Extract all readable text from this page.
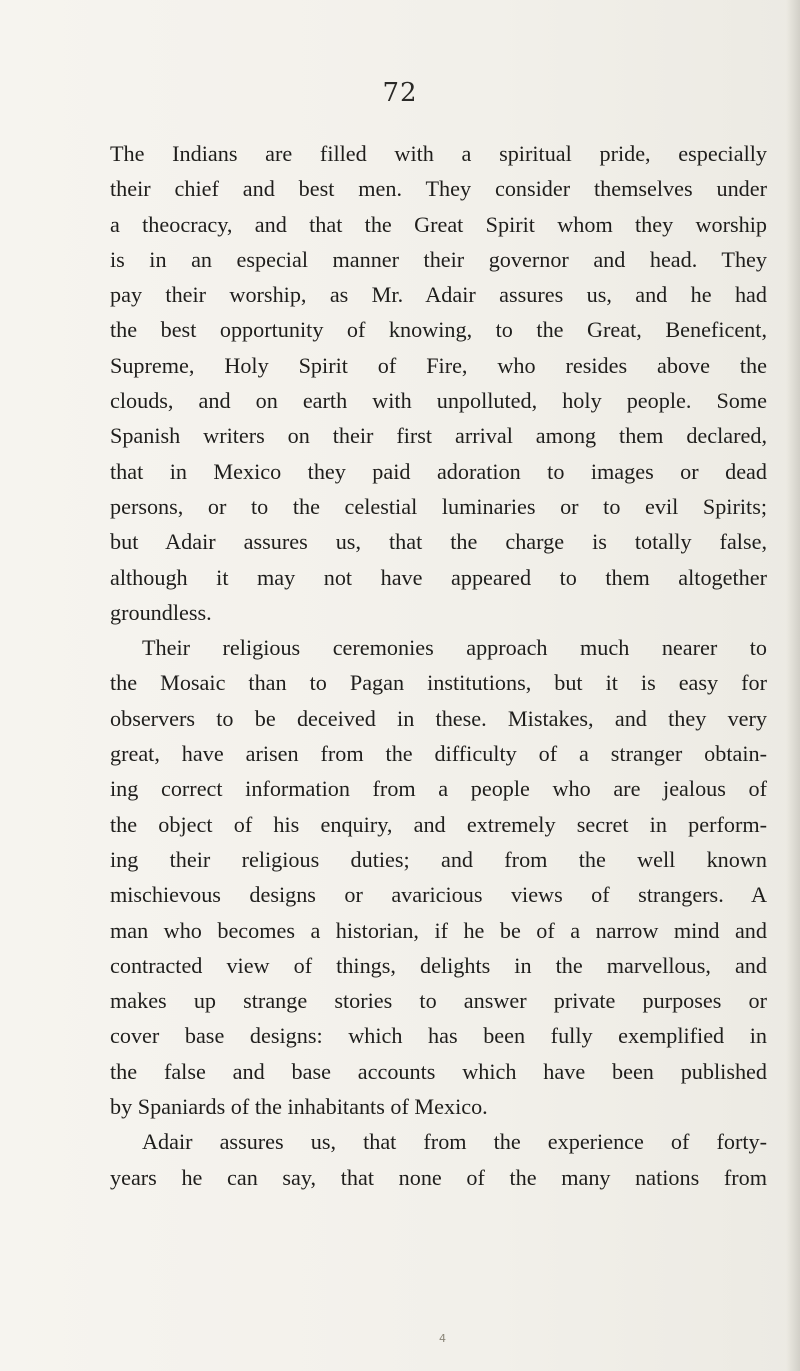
72
The Indians are filled with a spiritual pride, especially
their chief and best men. They consider themselves under
a theocracy, and that the Great Spirit whom they worship
is in an especial manner their governor and head. They
pay their worship, as Mr. Adair assures us, and he had
the best opportunity of knowing, to the Great, Beneficent,
Supreme, Holy Spirit of Fire, who resides above the
clouds, and on earth with unpolluted, holy people. Some
Spanish writers on their first arrival among them declared,
that in Mexico they paid adoration to images or dead
persons, or to the celestial luminaries or to evil Spirits;
but Adair assures us, that the charge is totally false,
although it may not have appeared to them altogether
groundless.
Their religious ceremonies approach much nearer to
the Mosaic than to Pagan institutions, but it is easy for
observers to be deceived in these. Mistakes, and they very
great, have arisen from the difficulty of a stranger obtain-
ing correct information from a people who are jealous of
the object of his enquiry, and extremely secret in perform-
ing their religious duties; and from the well known
mischievous designs or avaricious views of strangers. A
man who becomes a historian, if he be of a narrow mind and
contracted view of things, delights in the marvellous, and
makes up strange stories to answer private purposes or
cover base designs: which has been fully exemplified in
the false and base accounts which have been published
by Spaniards of the inhabitants of Mexico.
Adair assures us, that from the experience of forty-
years he can say, that none of the many nations from
4
